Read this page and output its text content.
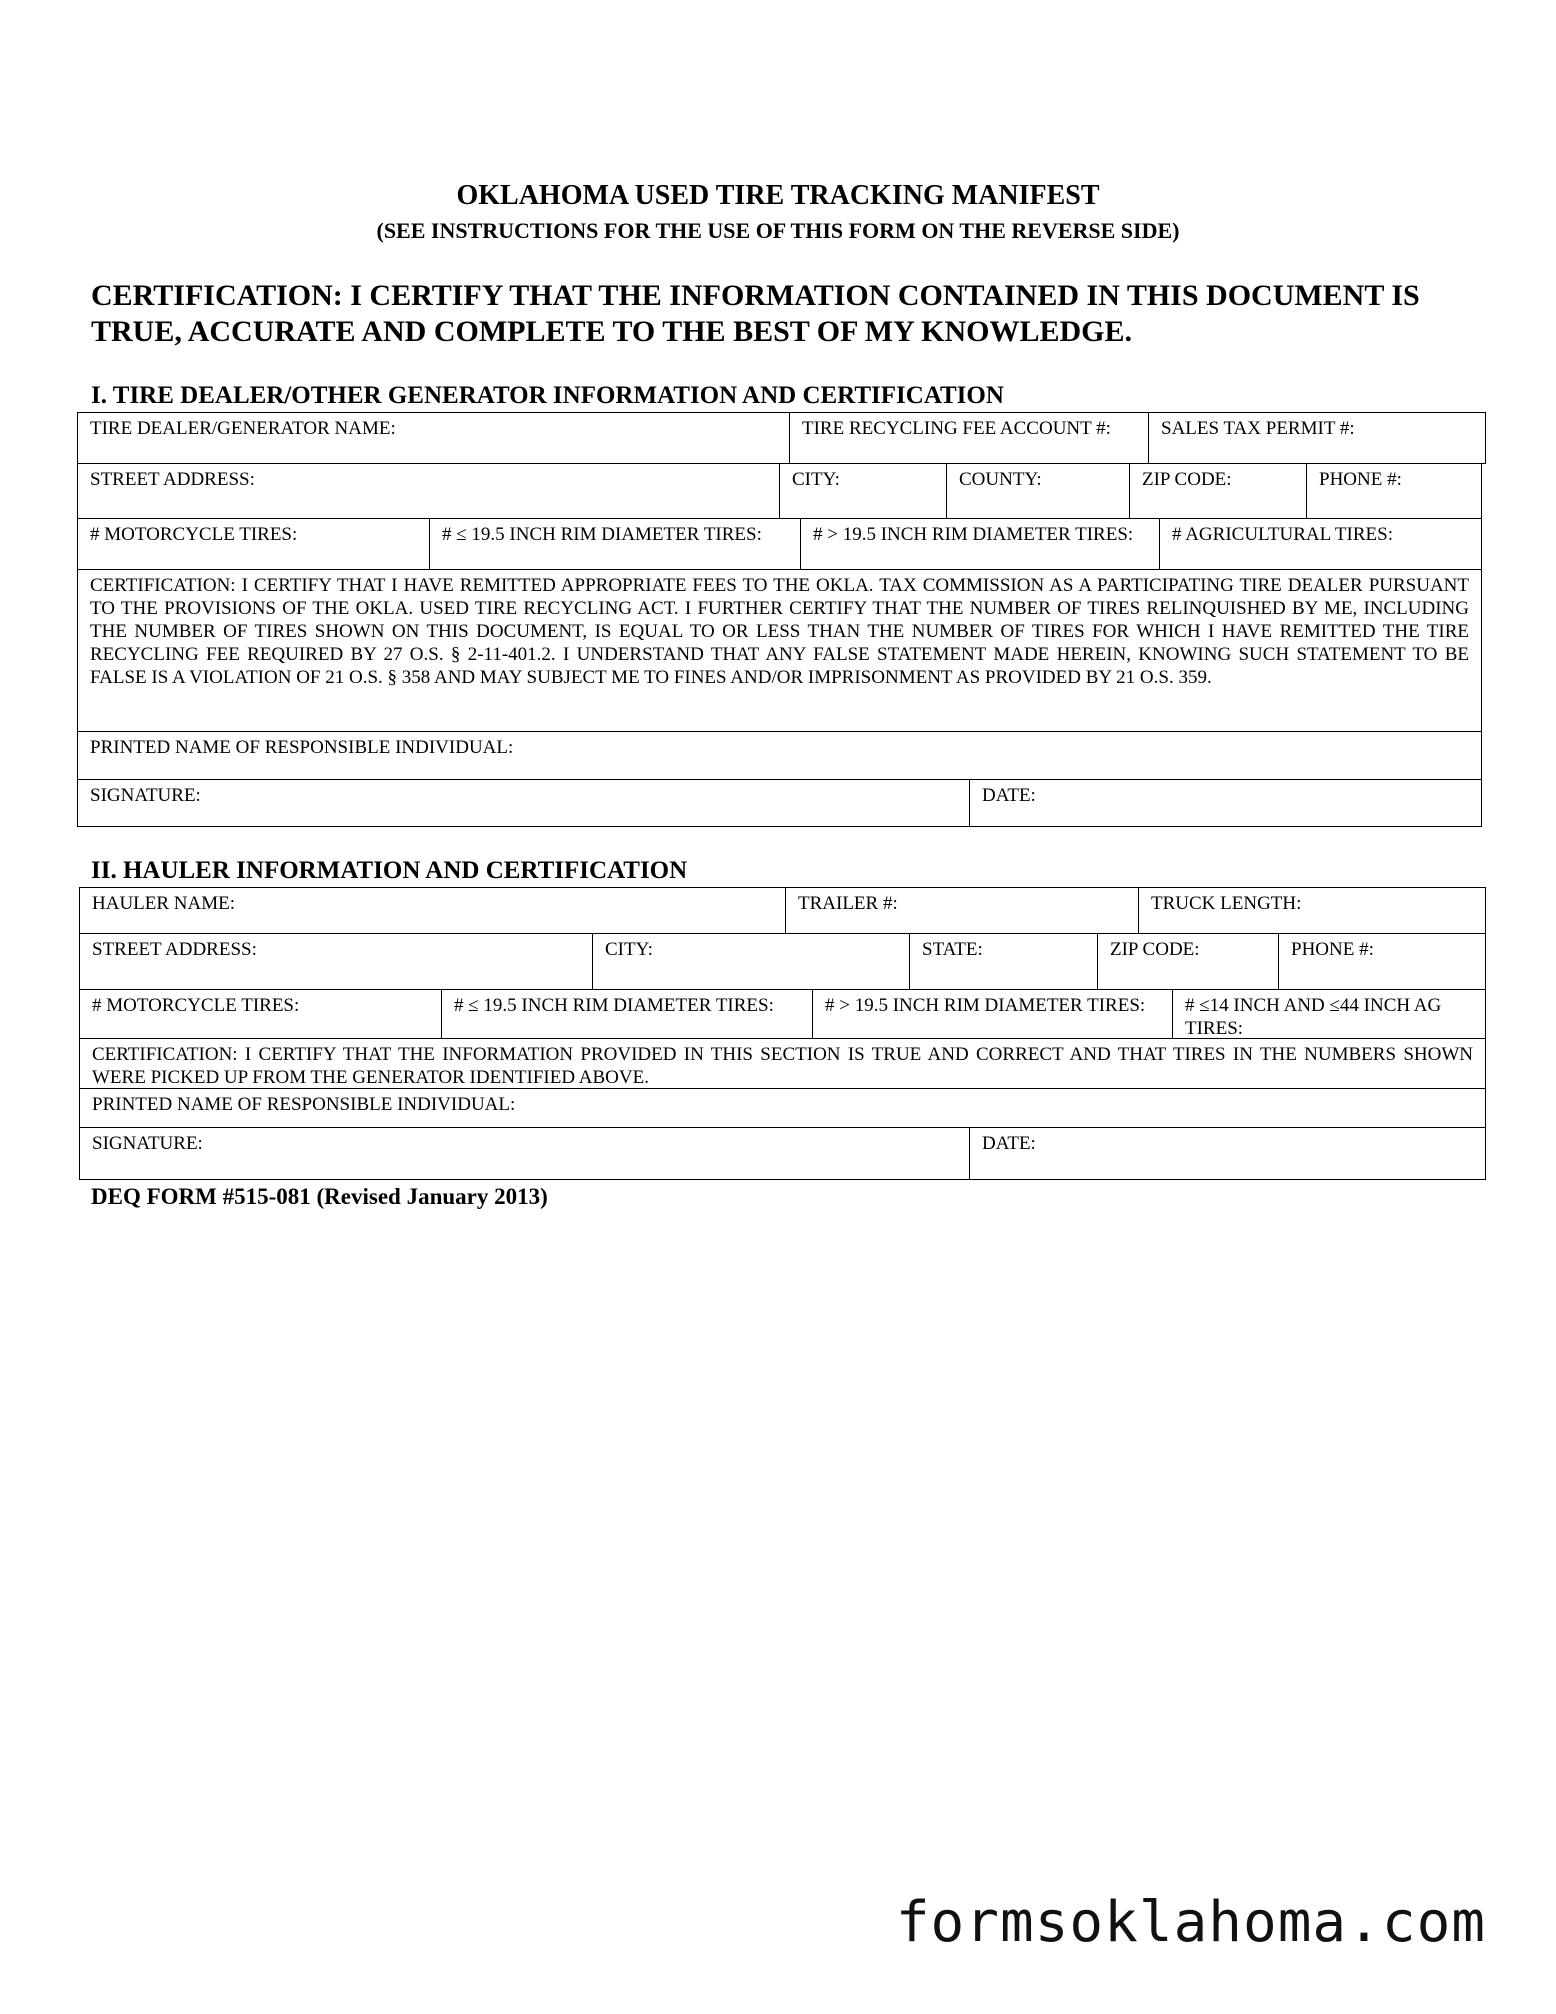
OKLAHOMA USED TIRE TRACKING MANIFEST
(SEE INSTRUCTIONS FOR THE USE OF THIS FORM ON THE REVERSE SIDE)
CERTIFICATION: I CERTIFY THAT THE INFORMATION CONTAINED IN THIS DOCUMENT IS TRUE, ACCURATE AND COMPLETE TO THE BEST OF MY KNOWLEDGE.
I. TIRE DEALER/OTHER GENERATOR INFORMATION AND CERTIFICATION
TIRE DEALER/GENERATOR NAME:	TIRE RECYCLING FEE ACCOUNT #:	SALES TAX PERMIT #:
STREET ADDRESS:	CITY:	COUNTY:	ZIP CODE:	PHONE #:
# MOTORCYCLE TIRES:	# ≤ 19.5 INCH RIM DIAMETER TIRES:	# > 19.5 INCH RIM DIAMETER TIRES:	# AGRICULTURAL TIRES:
CERTIFICATION: I CERTIFY THAT I HAVE REMITTED APPROPRIATE FEES TO THE OKLA. TAX COMMISSION AS A PARTICIPATING TIRE DEALER PURSUANT TO THE PROVISIONS OF THE OKLA. USED TIRE RECYCLING ACT. I FURTHER CERTIFY THAT THE NUMBER OF TIRES RELINQUISHED BY ME, INCLUDING THE NUMBER OF TIRES SHOWN ON THIS DOCUMENT, IS EQUAL TO OR LESS THAN THE NUMBER OF TIRES FOR WHICH I HAVE REMITTED THE TIRE RECYCLING FEE REQUIRED BY 27 O.S. § 2-11-401.2. I UNDERSTAND THAT ANY FALSE STATEMENT MADE HEREIN, KNOWING SUCH STATEMENT TO BE FALSE IS A VIOLATION OF 21 O.S. § 358 AND MAY SUBJECT ME TO FINES AND/OR IMPRISONMENT AS PROVIDED BY 21 O.S. 359.
PRINTED NAME OF RESPONSIBLE INDIVIDUAL:
SIGNATURE:	DATE:
II. HAULER INFORMATION AND CERTIFICATION
HAULER NAME:	TRAILER #:	TRUCK LENGTH:
STREET ADDRESS:	CITY:	STATE:	ZIP CODE:	PHONE #:
# MOTORCYCLE TIRES:	# ≤ 19.5 INCH RIM DIAMETER TIRES:	# > 19.5 INCH RIM DIAMETER TIRES:	# ≤14 INCH AND ≤44 INCH AG TIRES:
CERTIFICATION: I CERTIFY THAT THE INFORMATION PROVIDED IN THIS SECTION IS TRUE AND CORRECT AND THAT TIRES IN THE NUMBERS SHOWN WERE PICKED UP FROM THE GENERATOR IDENTIFIED ABOVE.
PRINTED NAME OF RESPONSIBLE INDIVIDUAL:
SIGNATURE:	DATE:
DEQ FORM #515-081 (Revised January 2013)
formsoklahoma.com
